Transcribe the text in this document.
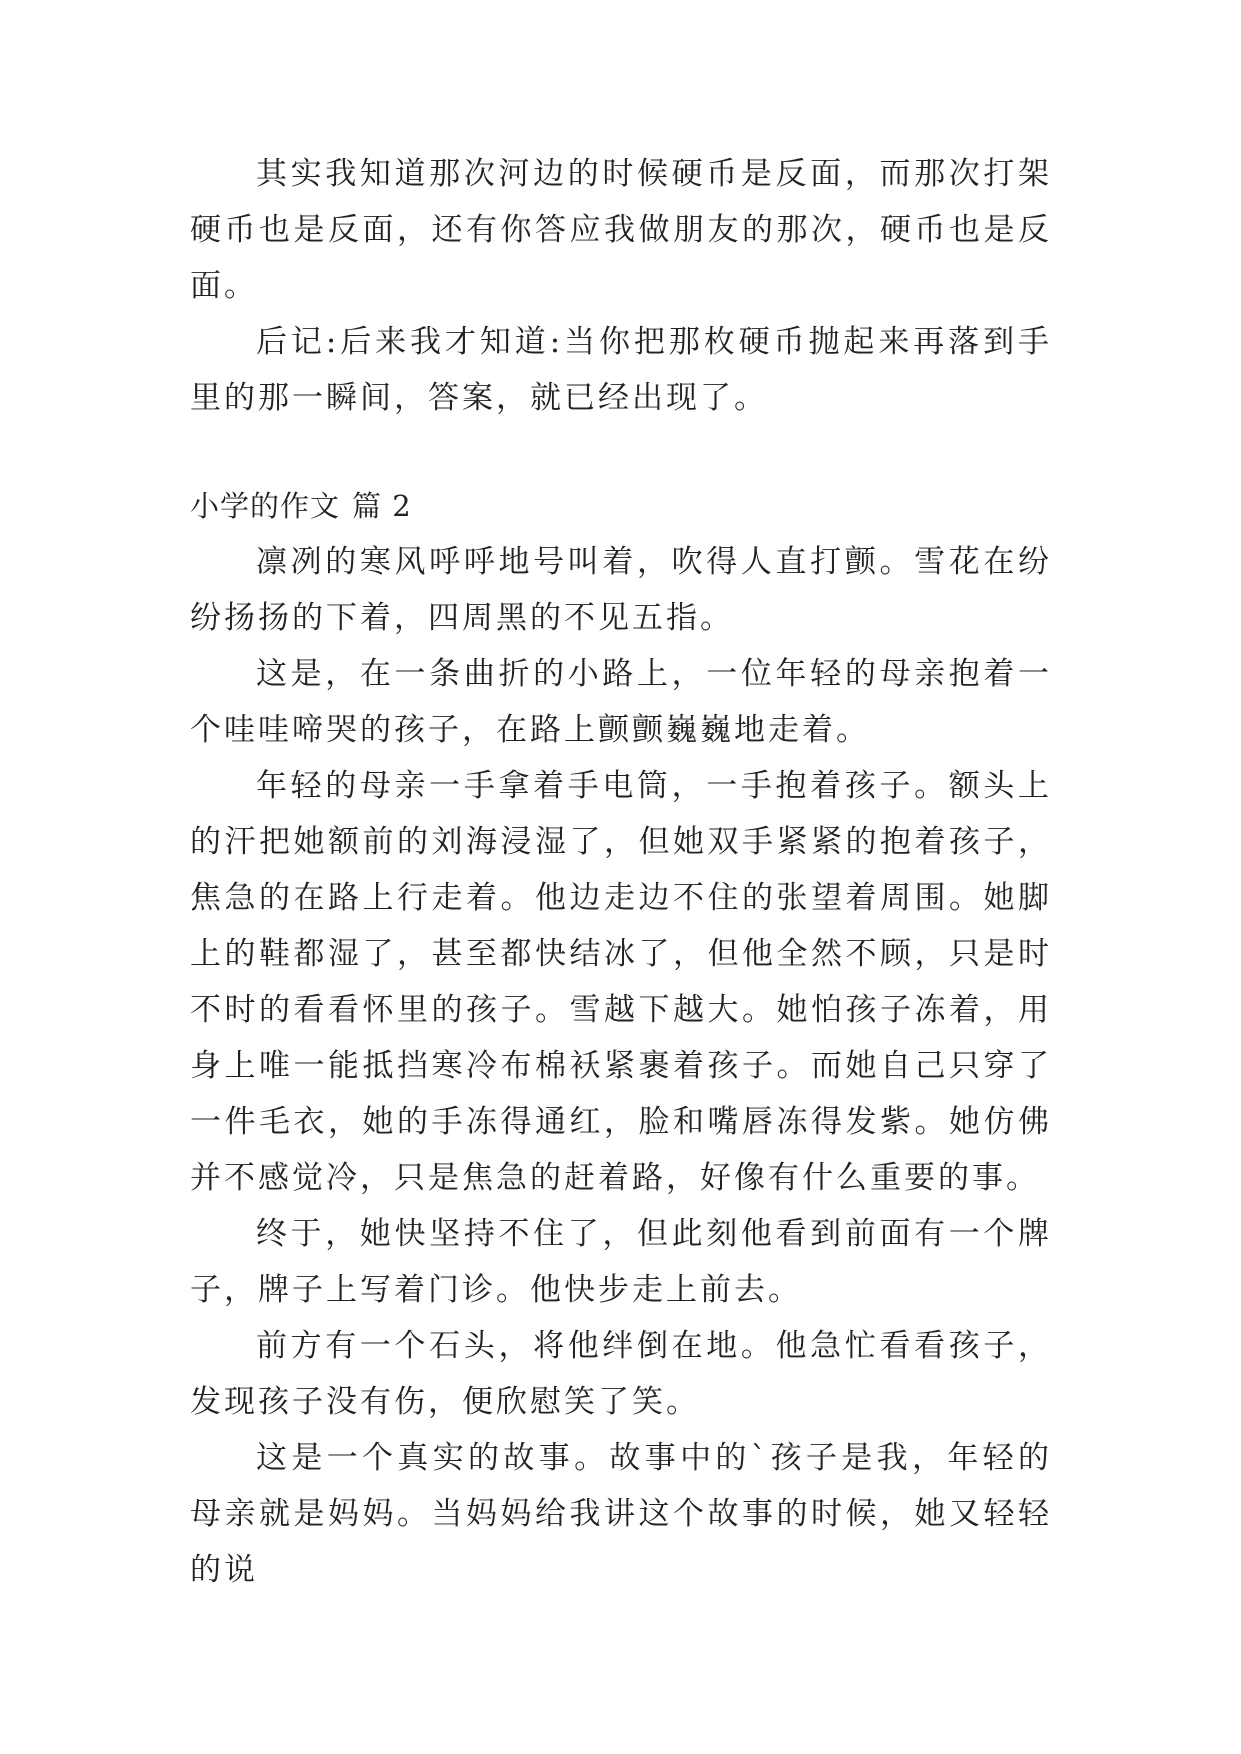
其实我知道那次河边的时候硬币是反面，而那次打架硬币也是反面，还有你答应我做朋友的那次，硬币也是反面。

后记:后来我才知道:当你把那枚硬币抛起来再落到手里的那一瞬间，答案，就已经出现了。

小学的作文 篇 2

凛冽的寒风呼呼地号叫着，吹得人直打颤。雪花在纷纷扬扬的下着，四周黑的不见五指。

这是，在一条曲折的小路上，一位年轻的母亲抱着一个哇哇啼哭的孩子，在路上颤颤巍巍地走着。

年轻的母亲一手拿着手电筒，一手抱着孩子。额头上的汗把她额前的刘海浸湿了，但她双手紧紧的抱着孩子，焦急的在路上行走着。他边走边不住的张望着周围。她脚上的鞋都湿了，甚至都快结冰了，但他全然不顾，只是时不时的看看怀里的孩子。雪越下越大。她怕孩子冻着，用身上唯一能抵挡寒冷布棉袄紧裹着孩子。而她自己只穿了一件毛衣，她的手冻得通红，脸和嘴唇冻得发紫。她仿佛并不感觉冷，只是焦急的赶着路，好像有什么重要的事。

终于，她快坚持不住了，但此刻他看到前面有一个牌子，牌子上写着门诊。他快步走上前去。

前方有一个石头，将他绊倒在地。他急忙看看孩子，发现孩子没有伤，便欣慰笑了笑。

这是一个真实的故事。故事中的`孩子是我，年轻的母亲就是妈妈。当妈妈给我讲这个故事的时候，她又轻轻的说
